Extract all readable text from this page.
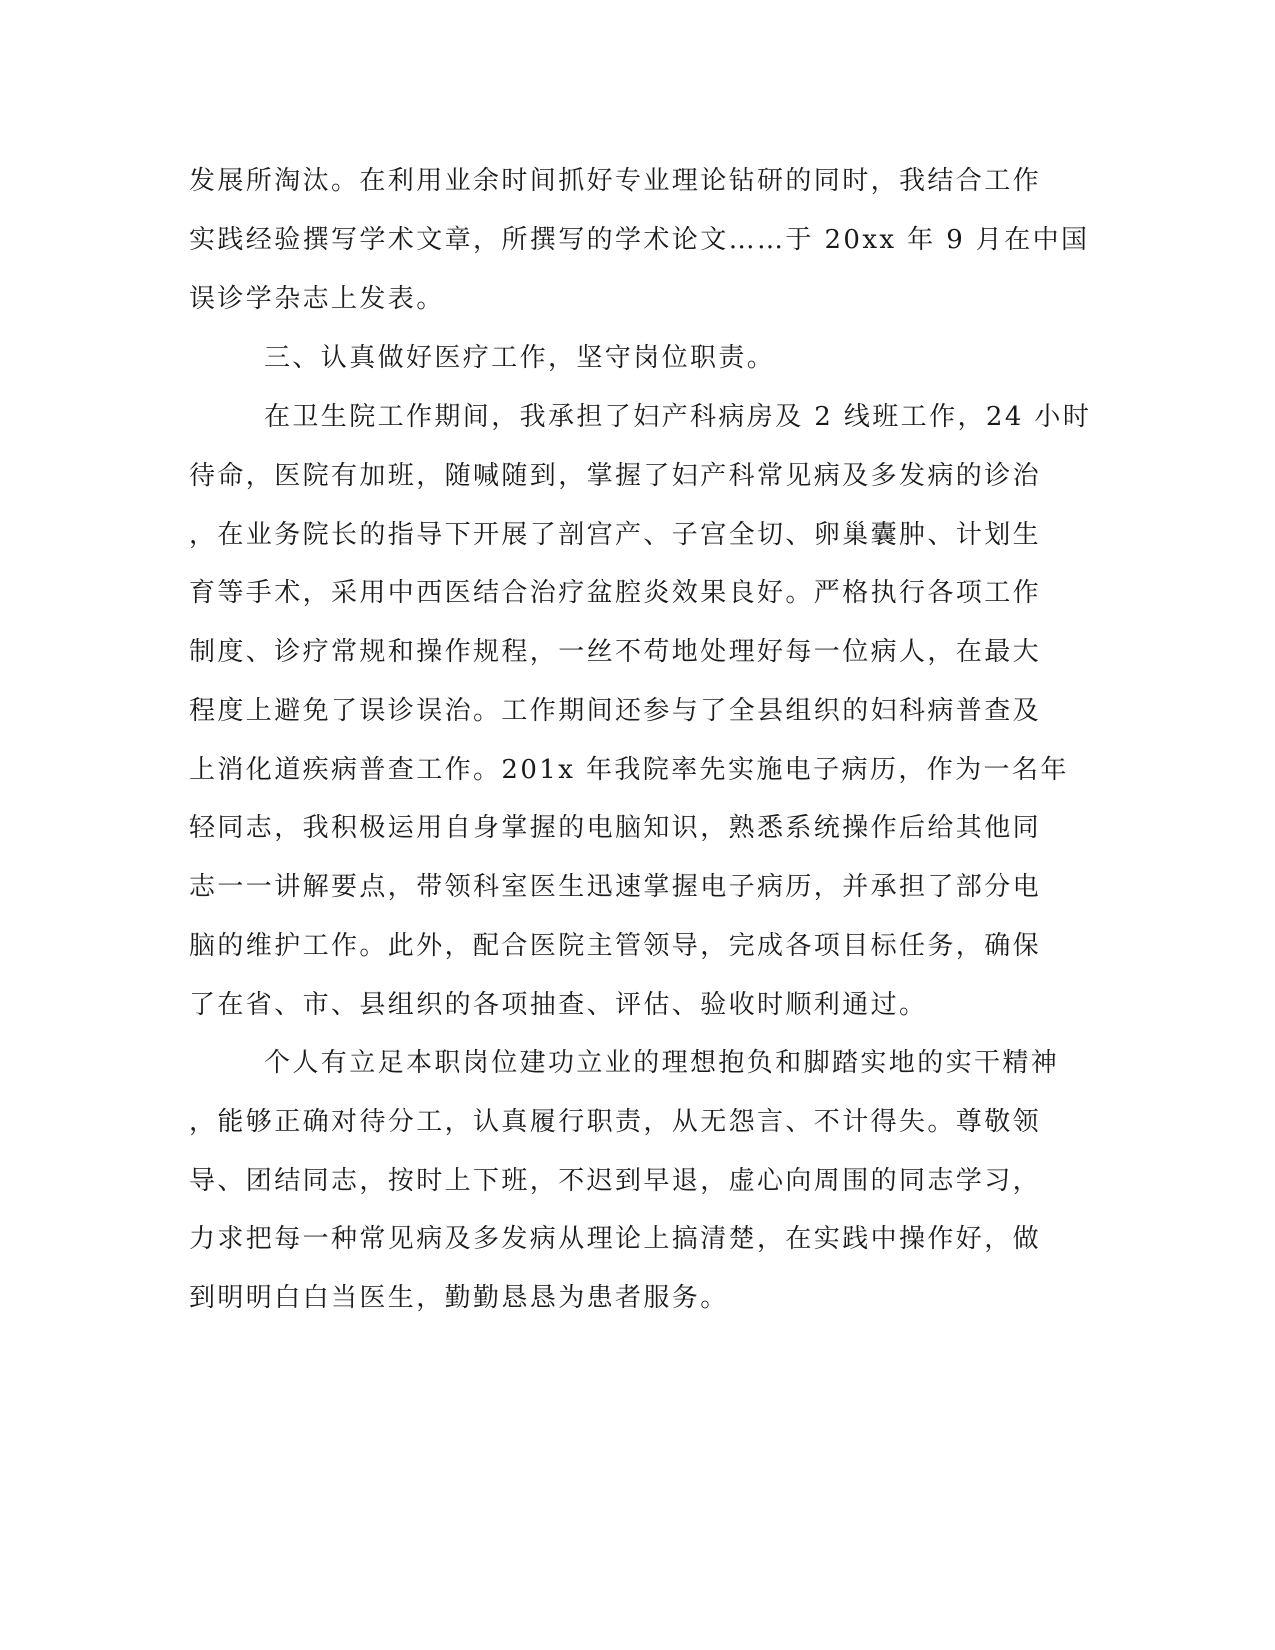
发展所淘汰。在利用业余时间抓好专业理论钻研的同时，我结合工作
实践经验撰写学术文章，所撰写的学术论文……于 20xx 年 9 月在中国
误诊学杂志上发表。
三、认真做好医疗工作，坚守岗位职责。
在卫生院工作期间，我承担了妇产科病房及 2 线班工作，24 小时
待命，医院有加班，随喊随到，掌握了妇产科常见病及多发病的诊治
，在业务院长的指导下开展了剖宫产、子宫全切、卵巢囊肿、计划生
育等手术，采用中西医结合治疗盆腔炎效果良好。严格执行各项工作
制度、诊疗常规和操作规程，一丝不苟地处理好每一位病人，在最大
程度上避免了误诊误治。工作期间还参与了全县组织的妇科病普查及
上消化道疾病普查工作。201x 年我院率先实施电子病历，作为一名年
轻同志，我积极运用自身掌握的电脑知识，熟悉系统操作后给其他同
志一一讲解要点，带领科室医生迅速掌握电子病历，并承担了部分电
脑的维护工作。此外，配合医院主管领导，完成各项目标任务，确保
了在省、市、县组织的各项抽查、评估、验收时顺利通过。
个人有立足本职岗位建功立业的理想抱负和脚踏实地的实干精神
，能够正确对待分工，认真履行职责，从无怨言、不计得失。尊敬领
导、团结同志，按时上下班，不迟到早退，虚心向周围的同志学习，
力求把每一种常见病及多发病从理论上搞清楚，在实践中操作好，做
到明明白白当医生，勤勤恳恳为患者服务。
